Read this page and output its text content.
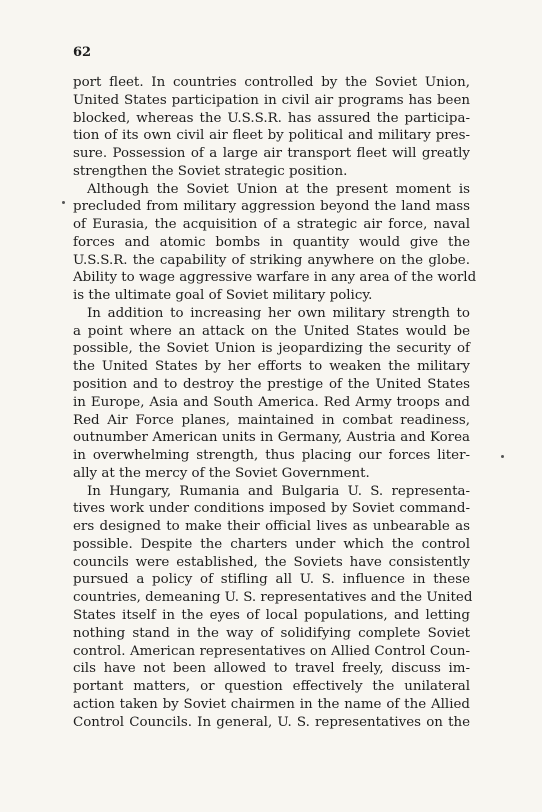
62
port fleet. In countries controlled by the Soviet Union,
United States participation in civil air programs has been
blocked, whereas the U.S.S.R. has assured the participa-
tion of its own civil air fleet by political and military pres-
sure. Possession of a large air transport fleet will greatly
strengthen the Soviet strategic position.
Although the Soviet Union at the present moment is
precluded from military aggression beyond the land mass
of Eurasia, the acquisition of a strategic air force, naval
forces and atomic bombs in quantity would give the
U.S.S.R. the capability of striking anywhere on the globe.
Ability to wage aggressive warfare in any area of the world
is the ultimate goal of Soviet military policy.
In addition to increasing her own military strength to
a point where an attack on the United States would be
possible, the Soviet Union is jeopardizing the security of
the United States by her efforts to weaken the military
position and to destroy the prestige of the United States
in Europe, Asia and South America. Red Army troops and
Red Air Force planes, maintained in combat readiness,
outnumber American units in Germany, Austria and Korea
in overwhelming strength, thus placing our forces liter-
ally at the mercy of the Soviet Government.
In Hungary, Rumania and Bulgaria U. S. representa-
tives work under conditions imposed by Soviet command-
ers designed to make their official lives as unbearable as
possible. Despite the charters under which the control
councils were established, the Soviets have consistently
pursued a policy of stifling all U. S. influence in these
countries, demeaning U. S. representatives and the United
States itself in the eyes of local populations, and letting
nothing stand in the way of solidifying complete Soviet
control. American representatives on Allied Control Coun-
cils have not been allowed to travel freely, discuss im-
portant matters, or question effectively the unilateral
action taken by Soviet chairmen in the name of the Allied
Control Councils. In general, U. S. representatives on the
